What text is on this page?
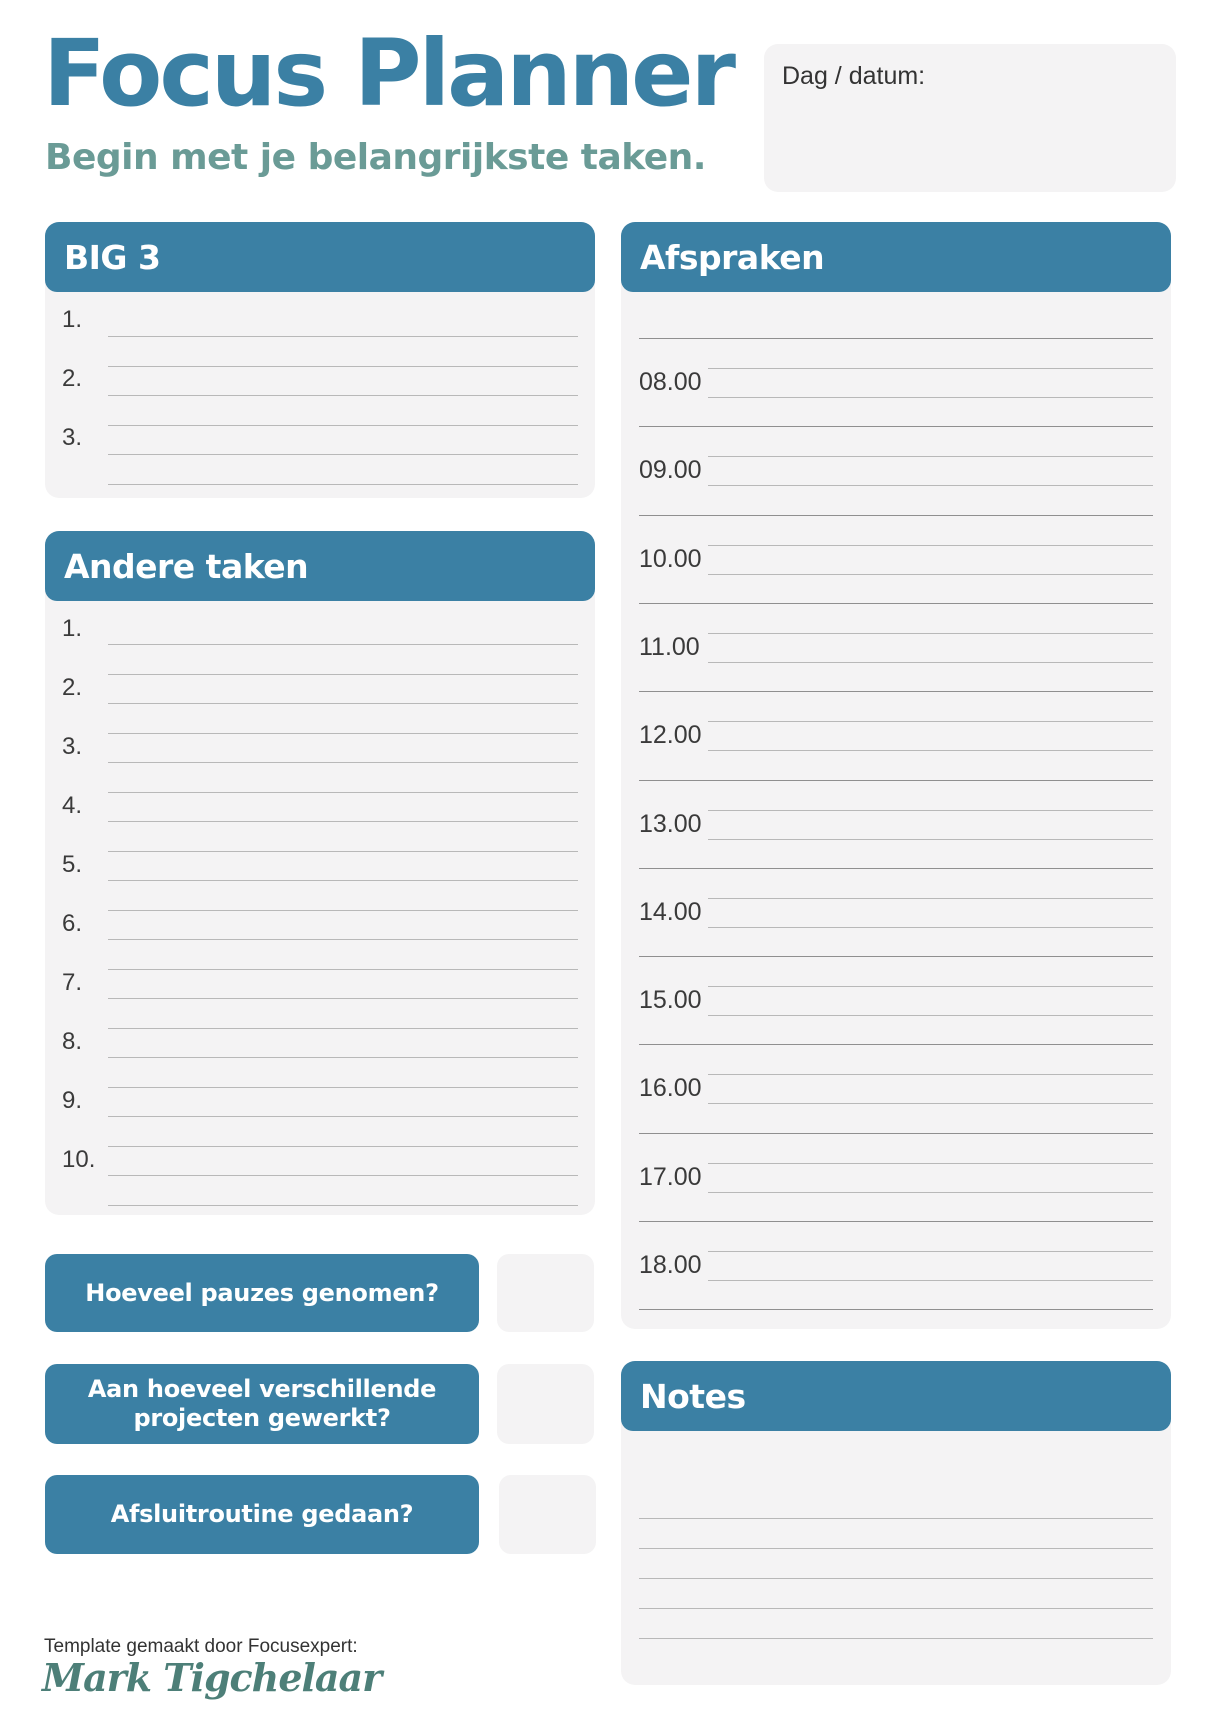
Focus Planner
Begin met je belangrijkste taken.
Dag / datum:
BIG 3
1.
2.
3.
Andere taken
1.
2.
3.
4.
5.
6.
7.
8.
9.
10.
Afspraken
08.00
09.00
10.00
11.00
12.00
13.00
14.00
15.00
16.00
17.00
18.00
Hoeveel pauzes genomen?
Aan hoeveel verschillende projecten gewerkt?
Afsluitroutine gedaan?
Notes
Template gemaakt door Focusexpert:
Mark Tigchelaar
